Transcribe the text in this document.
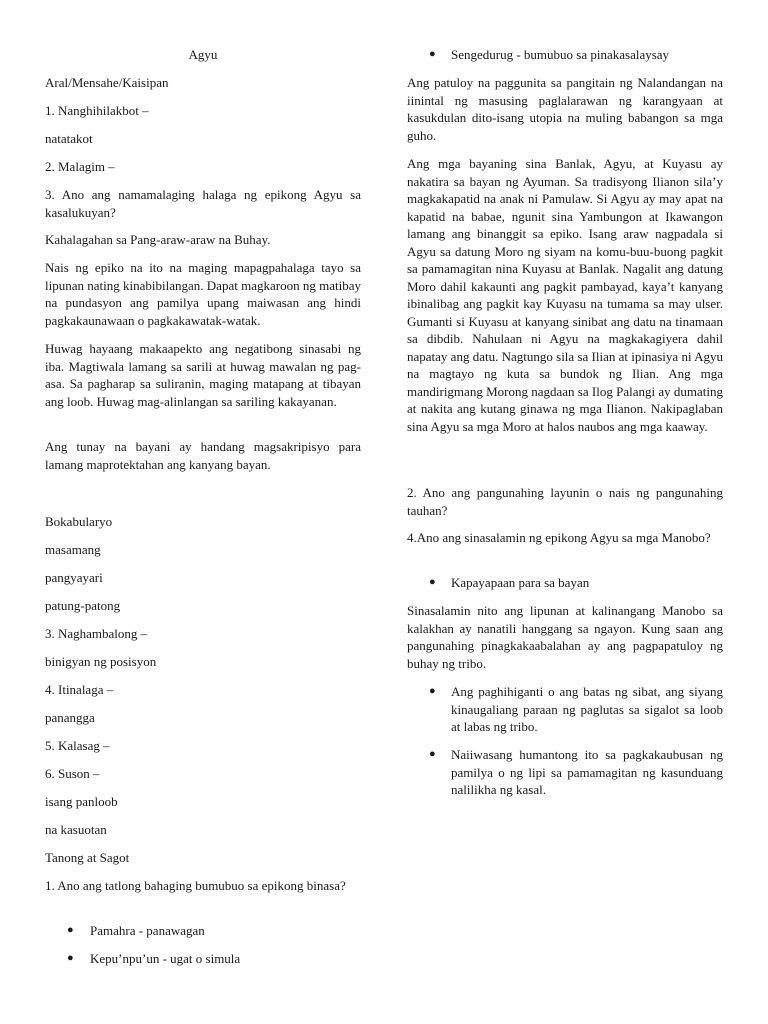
Agyu

Aral/Mensahe/Kaisipan

1. Nanghihilakbot –

natatakot

2. Malagim –

3. Ano ang namamalaging halaga ng epikong Agyu sa kasalukuyan?

Kahalagahan sa Pang-araw-araw na Buhay.

Nais ng epiko na ito na maging mapagpahalaga tayo sa lipunan nating kinabibilangan. Dapat magkaroon ng matibay na pundasyon ang pamilya upang maiwasan ang hindi pagkakaunawaan o pagkakawatak-watak.

Huwag hayaang makaapekto ang negatibong sinasabi ng iba. Magtiwala lamang sa sarili at huwag mawalan ng pag-asa. Sa pagharap sa suliranin, maging matapang at tibayan ang loob. Huwag mag-alinlangan sa sariling kakayanan.

Ang tunay na bayani ay handang magsakripisyo para lamang maprotektahan ang kanyang bayan.

Bokabularyo

masamang

pangyayari

patung-patong

3. Naghambalong –

binigyan ng posisyon

4. Itinalaga –

panangga

5. Kalasag –

6. Suson –

isang panloob

na kasuotan

Tanong at Sagot

1. Ano ang tatlong bahaging bumubuo sa epikong binasa?

● Pamahra - panawagan
● Kepu’npu’un - ugat o simula
● Sengedurug - bumubuo sa pinakasalaysay

Ang patuloy na paggunita sa pangitain ng Nalandangan na iinintal ng masusing paglalarawan ng karangyaan at kasukdulan dito-isang utopia na muling babangon sa mga guho.

Ang mga bayaning sina Banlak, Agyu, at Kuyasu ay nakatira sa bayan ng Ayuman. Sa tradisyong Ilianon sila’y magkakapatid na anak ni Pamulaw. Si Agyu ay may apat na kapatid na babae, ngunit sina Yambungon at Ikawangon lamang ang binanggit sa epiko. Isang araw nagpadala si Agyu sa datung Moro ng siyam na komu-buu-buong pagkit sa pamamagitan nina Kuyasu at Banlak. Nagalit ang datung Moro dahil kakaunti ang pagkit pambayad, kaya’t kanyang ibinalibag ang pagkit kay Kuyasu na tumama sa may ulser. Gumanti si Kuyasu at kanyang sinibat ang datu na tinamaan sa dibdib. Nahulaan ni Agyu na magkakagiyera dahil napatay ang datu. Nagtungo sila sa Ilian at ipinasiya ni Agyu na magtayo ng kuta sa bundok ng Ilian. Ang mga mandirigmang Morong nagdaan sa Ilog Palangi ay dumating at nakita ang kutang ginawa ng mga Ilianon. Nakipaglaban sina Agyu sa mga Moro at halos naubos ang mga kaaway.

2. Ano ang pangunahing layunin o nais ng pangunahing tauhan?

4.Ano ang sinasalamin ng epikong Agyu sa mga Manobo?

● Kapayapaan para sa bayan

Sinasalamin nito ang lipunan at kalinangang Manobo sa kalakhan ay nanatili hanggang sa ngayon. Kung saan ang pangunahing pinagkakaabalahan ay ang pagpapatuloy ng buhay ng tribo.

● Ang paghihiganti o ang batas ng sibat, ang siyang kinaugaliang paraan ng paglutas sa sigalot sa loob at labas ng tribo.
● Naiiwasang humantong ito sa pagkakaubusan ng pamilya o ng lipi sa pamamagitan ng kasunduang nalilikha ng kasal.
